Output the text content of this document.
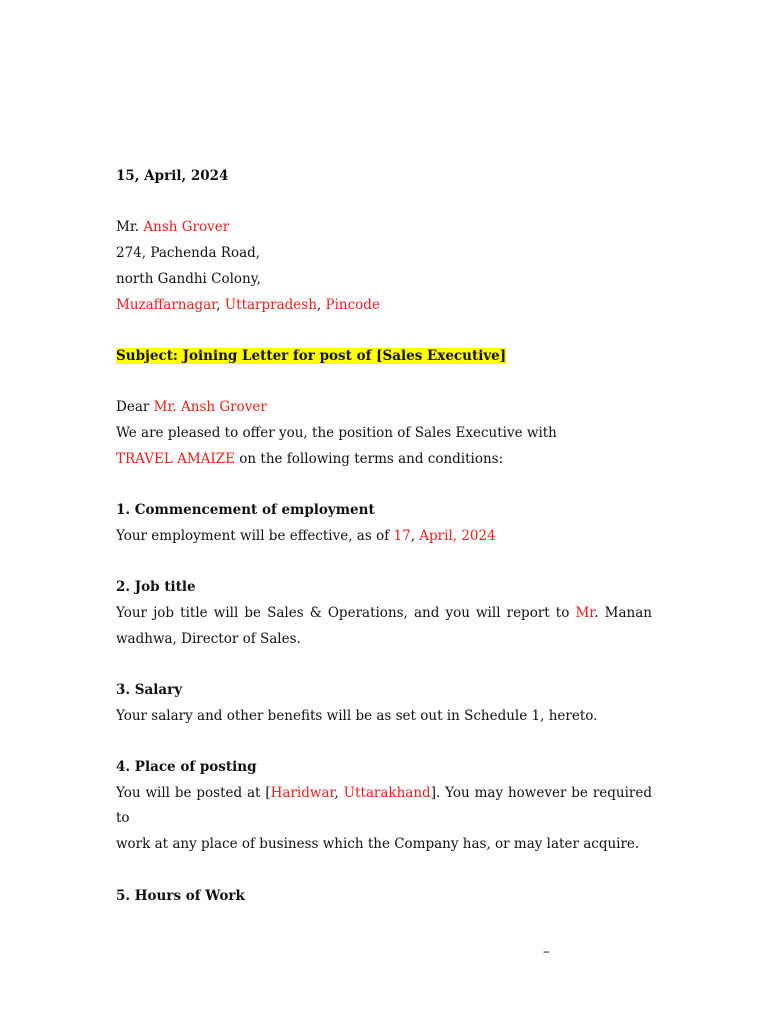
15, April, 2024
Mr. Ansh Grover
274, Pachenda Road,
north Gandhi Colony,
Muzaffarnagar, Uttarpradesh, Pincode
Subject: Joining Letter for post of [Sales Executive]
Dear Mr. Ansh Grover
We are pleased to offer you, the position of Sales Executive with
TRAVEL AMAIZE on the following terms and conditions:
1. Commencement of employment
Your employment will be effective, as of 17, April, 2024
2. Job title
Your job title will be Sales & Operations, and you will report to Mr. Manan
wadhwa, Director of Sales.
3. Salary
Your salary and other benefits will be as set out in Schedule 1, hereto.
4. Place of posting
You will be posted at [Haridwar, Uttarakhand]. You may however be required to
work at any place of business which the Company has, or may later acquire.
5. Hours of Work
–
